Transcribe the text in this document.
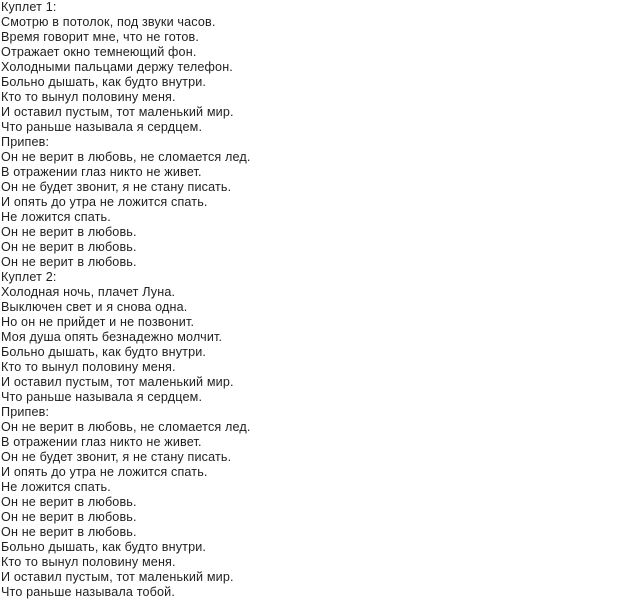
Куплет 1:
Смотрю в потолок, под звуки часов.
Время говорит мне, что не готов.
Отражает окно темнеющий фон.
Холодными пальцами держу телефон.
Больно дышать, как будто внутри.
Кто то вынул половину меня.
И оставил пустым, тот маленький мир.
Что раньше называла я сердцем.
Припев:
Он не верит в любовь, не сломается лед.
В отражении глаз никто не живет.
Он не будет звонит, я не стану писать.
И опять до утра не ложится спать.
Не ложится спать.
Он не верит в любовь.
Он не верит в любовь.
Он не верит в любовь.
Куплет 2:
Холодная ночь, плачет Луна.
Выключен свет и я снова одна.
Но он не прийдет и не позвонит.
Моя душа опять безнадежно молчит.
Больно дышать, как будто внутри.
Кто то вынул половину меня.
И оставил пустым, тот маленький мир.
Что раньше называла я сердцем.
Припев:
Он не верит в любовь, не сломается лед.
В отражении глаз никто не живет.
Он не будет звонит, я не стану писать.
И опять до утра не ложится спать.
Не ложится спать.
Он не верит в любовь.
Он не верит в любовь.
Он не верит в любовь.
Больно дышать, как будто внутри.
Кто то вынул половину меня.
И оставил пустым, тот маленький мир.
Что раньше называла тобой.
